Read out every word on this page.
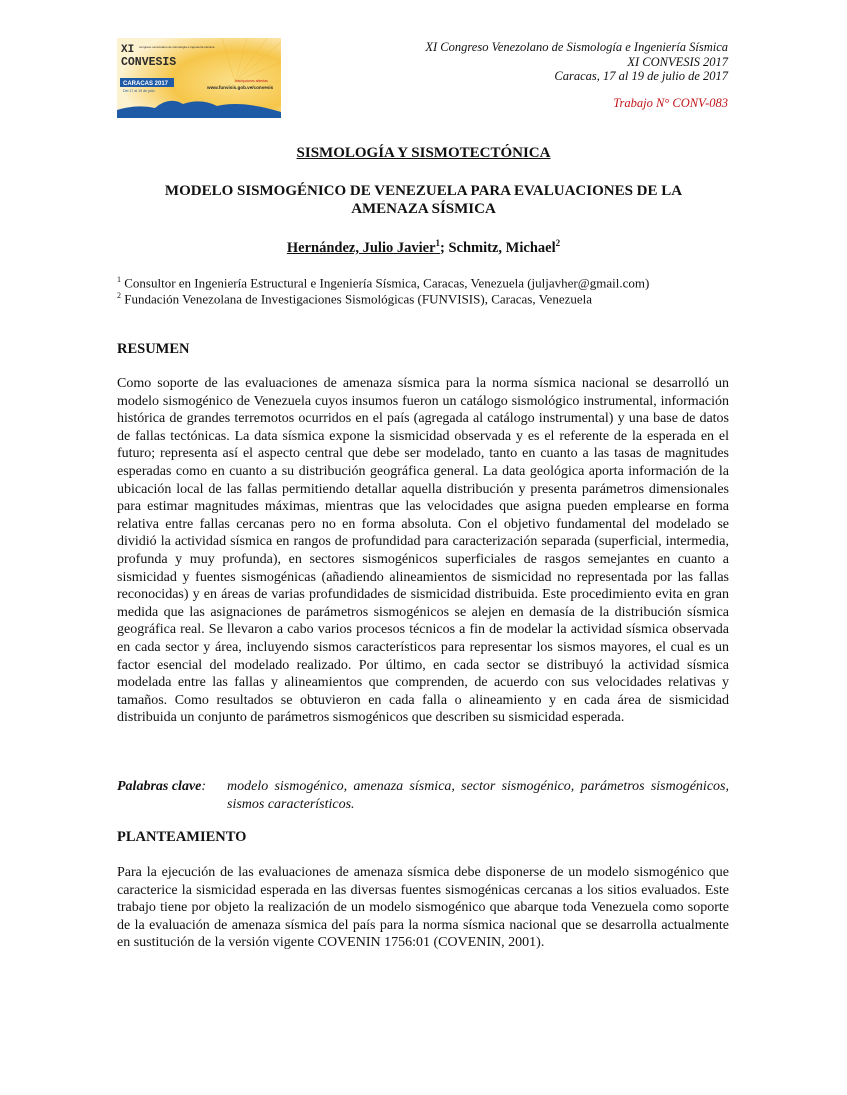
XI
CONVESIS
congreso venezolano de sismología e ingeniería sísmica
CARACAS 2017
Del 17 al 19 de julio
Inscripciones abiertas
www.funvisis.gob.ve/convesis
XI Congreso Venezolano de Sismología e Ingeniería Sísmica
XI CONVESIS 2017
Caracas, 17 al 19 de julio de 2017
Trabajo N° CONV-083
SISMOLOGÍA Y SISMOTECTÓNICA
MODELO SISMOGÉNICO DE VENEZUELA PARA EVALUACIONES DE LA
AMENAZA SÍSMICA
Hernández, Julio Javier$^1$; Schmitz, Michael$^2$
$^1$ Consultor en Ingeniería Estructural e Ingeniería Sísmica, Caracas, Venezuela (juljavher@gmail.com)
$^2$ Fundación Venezolana de Investigaciones Sismológicas (FUNVISIS), Caracas, Venezuela
RESUMEN
Como soporte de las evaluaciones de amenaza sísmica para la norma sísmica nacional se desarrolló un modelo sismogénico de Venezuela cuyos insumos fueron un catálogo sismológico instrumental, información histórica de grandes terremotos ocurridos en el país (agregada al catálogo instrumental) y una base de datos de fallas tectónicas. La data sísmica expone la sismicidad observada y es el referente de la esperada en el futuro; representa así el aspecto central que debe ser modelado, tanto en cuanto a las tasas de magnitudes esperadas como en cuanto a su distribución geográfica general. La data geológica aporta información de la ubicación local de las fallas permitiendo detallar aquella distribución y presenta parámetros dimensionales para estimar magnitudes máximas, mientras que las velocidades que asigna pueden emplearse en forma relativa entre fallas cercanas pero no en forma absoluta. Con el objetivo fundamental del modelado se dividió la actividad sísmica en rangos de profundidad para caracterización separada (superficial, intermedia, profunda y muy profunda), en sectores sismogénicos superficiales de rasgos semejantes en cuanto a sismicidad y fuentes sismogénicas (añadiendo alineamientos de sismicidad no representada por las fallas reconocidas) y en áreas de varias profundidades de sismicidad distribuida. Este procedimiento evita en gran medida que las asignaciones de parámetros sismogénicos se alejen en demasía de la distribución sísmica geográfica real. Se llevaron a cabo varios procesos técnicos a fin de modelar la actividad sísmica observada en cada sector y área, incluyendo sismos característicos para representar los sismos mayores, el cual es un factor esencial del modelado realizado. Por último, en cada sector se distribuyó la actividad sísmica modelada entre las fallas y alineamientos que comprenden, de acuerdo con sus velocidades relativas y tamaños. Como resultados se obtuvieron en cada falla o alineamiento y en cada área de sismicidad distribuida un conjunto de parámetros sismogénicos que describen su sismicidad esperada.
Palabras clave: modelo sismogénico, amenaza sísmica, sector sismogénico, parámetros sismogénicos, sismos característicos.
PLANTEAMIENTO
Para la ejecución de las evaluaciones de amenaza sísmica debe disponerse de un modelo sismogénico que caracterice la sismicidad esperada en las diversas fuentes sismogénicas cercanas a los sitios evaluados. Este trabajo tiene por objeto la realización de un modelo sismogénico que abarque toda Venezuela como soporte de la evaluación de amenaza sísmica del país para la norma sísmica nacional que se desarrolla actualmente en sustitución de la versión vigente COVENIN 1756:01 (COVENIN, 2001).
